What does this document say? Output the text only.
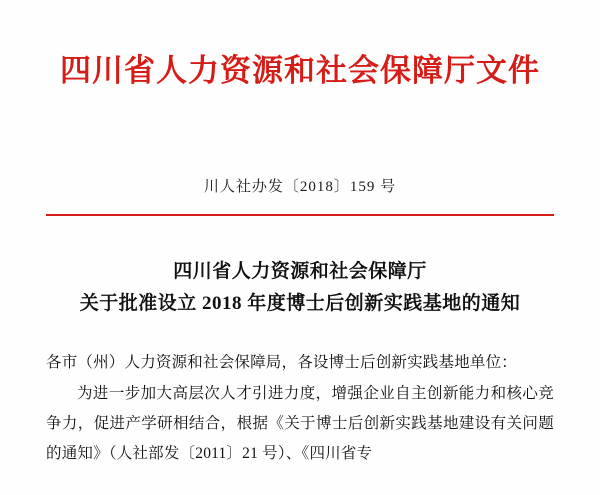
四川省人力资源和社会保障厅文件
川人社办发〔2018〕159 号
四川省人力资源和社会保障厅
关于批准设立 2018 年度博士后创新实践基地的通知

各市（州）人力资源和社会保障局，各设博士后创新实践基地单位：

为进一步加大高层次人才引进力度，增强企业自主创新能力和核心竞争力，促进产学研相结合，根据《关于博士后创新实践基地建设有关问题的通知》（人社部发〔2011〕21 号）、《四川省专
